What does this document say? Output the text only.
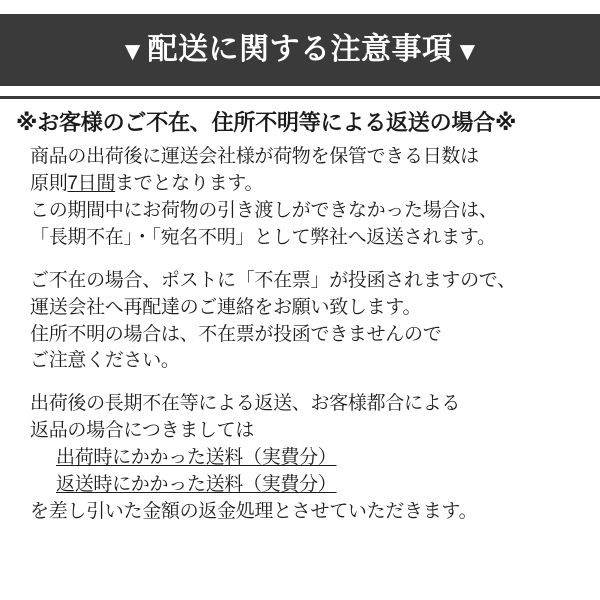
▼ 配送に関する注意事項 ▼

※お客様のご不在、住所不明等による返送の場合※

商品の出荷後に運送会社様が荷物を保管できる日数は

原則7日間までとなります。

この期間中にお荷物の引き渡しができなかった場合は、

「長期不在」・「宛名不明」として弊社へ返送されます。

ご不在の場合、ポストに「不在票」が投函されますので、

運送会社へ再配達のご連絡をお願い致します。

住所不明の場合は、不在票が投函できませんので

ご注意ください。

出荷後の長期不在等による返送、お客様都合による

返品の場合につきましては

出荷時にかかった送料（実費分）

返送時にかかった送料（実費分）

を差し引いた金額の返金処理とさせていただきます。
